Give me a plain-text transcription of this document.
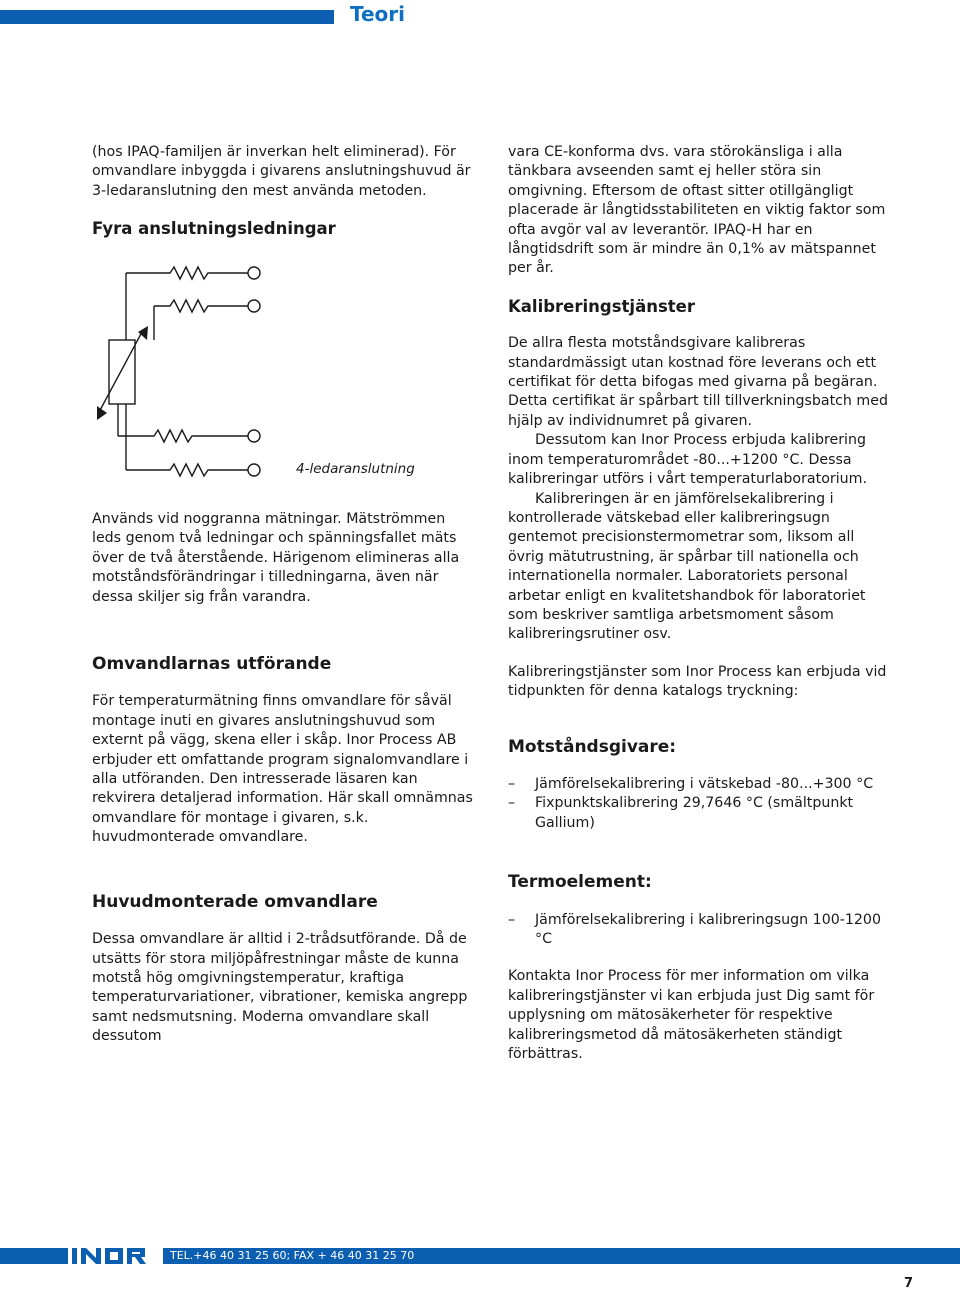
Teori

(hos IPAQ-familjen är inverkan helt eliminerad). För omvandlare inbyggda i givarens anslutningshuvud är 3-ledaranslutning den mest använda metoden.

Fyra anslutningsledningar
4-ledaranslutning

Används vid noggranna mätningar. Mätströmmen leds genom två ledningar och spänningsfallet mäts över de två återstående. Härigenom elimineras alla motståndsförändringar i tilledningarna, även när dessa skiljer sig från varandra.

Omvandlarnas utförande

För temperaturmätning finns omvandlare för såväl montage inuti en givares anslutningshuvud som externt på vägg, skena eller i skåp. Inor Process AB erbjuder ett omfattande program signalomvandlare i alla utföranden. Den intresserade läsaren kan rekvirera detaljerad information. Här skall omnämnas omvandlare för montage i givaren, s.k. huvudmonterade omvandlare.

Huvudmonterade omvandlare

Dessa omvandlare är alltid i 2-trådsutförande. Då de utsätts för stora miljöpåfrestningar måste de kunna motstå hög omgivningstemperatur, kraftiga temperaturvariationer, vibrationer, kemiska angrepp samt nedsmutsning. Moderna omvandlare skall dessutom

vara CE-konforma dvs. vara störokänsliga i alla tänkbara avseenden samt ej heller störa sin omgivning. Eftersom de oftast sitter otillgängligt placerade är långtidsstabiliteten en viktig faktor som ofta avgör val av leverantör. IPAQ-H har en långtidsdrift som är mindre än 0,1% av mätspannet per år.

Kalibreringstjänster

De allra flesta motståndsgivare kalibreras standardmässigt utan kostnad före leverans och ett certifikat för detta bifogas med givarna på begäran. Detta certifikat är spårbart till tillverkningsbatch med hjälp av individnumret på givaren.

Dessutom kan Inor Process erbjuda kalibrering inom temperaturområdet -80...+1200 °C. Dessa kalibreringar utförs i vårt temperaturlaboratorium.

Kalibreringen är en jämförelsekalibrering i kontrollerade vätskebad eller kalibreringsugn gentemot precisionstermometrar som, liksom all övrig mätutrustning, är spårbar till nationella och internationella normaler. Laboratoriets personal arbetar enligt en kvalitetshandbok för laboratoriet som beskriver samtliga arbetsmoment såsom kalibreringsrutiner osv.

Kalibreringstjänster som Inor Process kan erbjuda vid tidpunkten för denna katalogs tryckning:

Motståndsgivare:
– Jämförelsekalibrering i vätskebad -80...+300 °C
– Fixpunktskalibrering 29,7646 °C (smältpunkt Gallium)
Termoelement:
– Jämförelsekalibrering i kalibreringsugn 100-1200 °C

Kontakta Inor Process för mer information om vilka kalibreringstjänster vi kan erbjuda just Dig samt för upplysning om mätosäkerheter för respektive kalibreringsmetod då mätosäkerheten ständigt förbättras.

TEL.+46 40 31 25 60; FAX + 46 40 31 25 70
7
